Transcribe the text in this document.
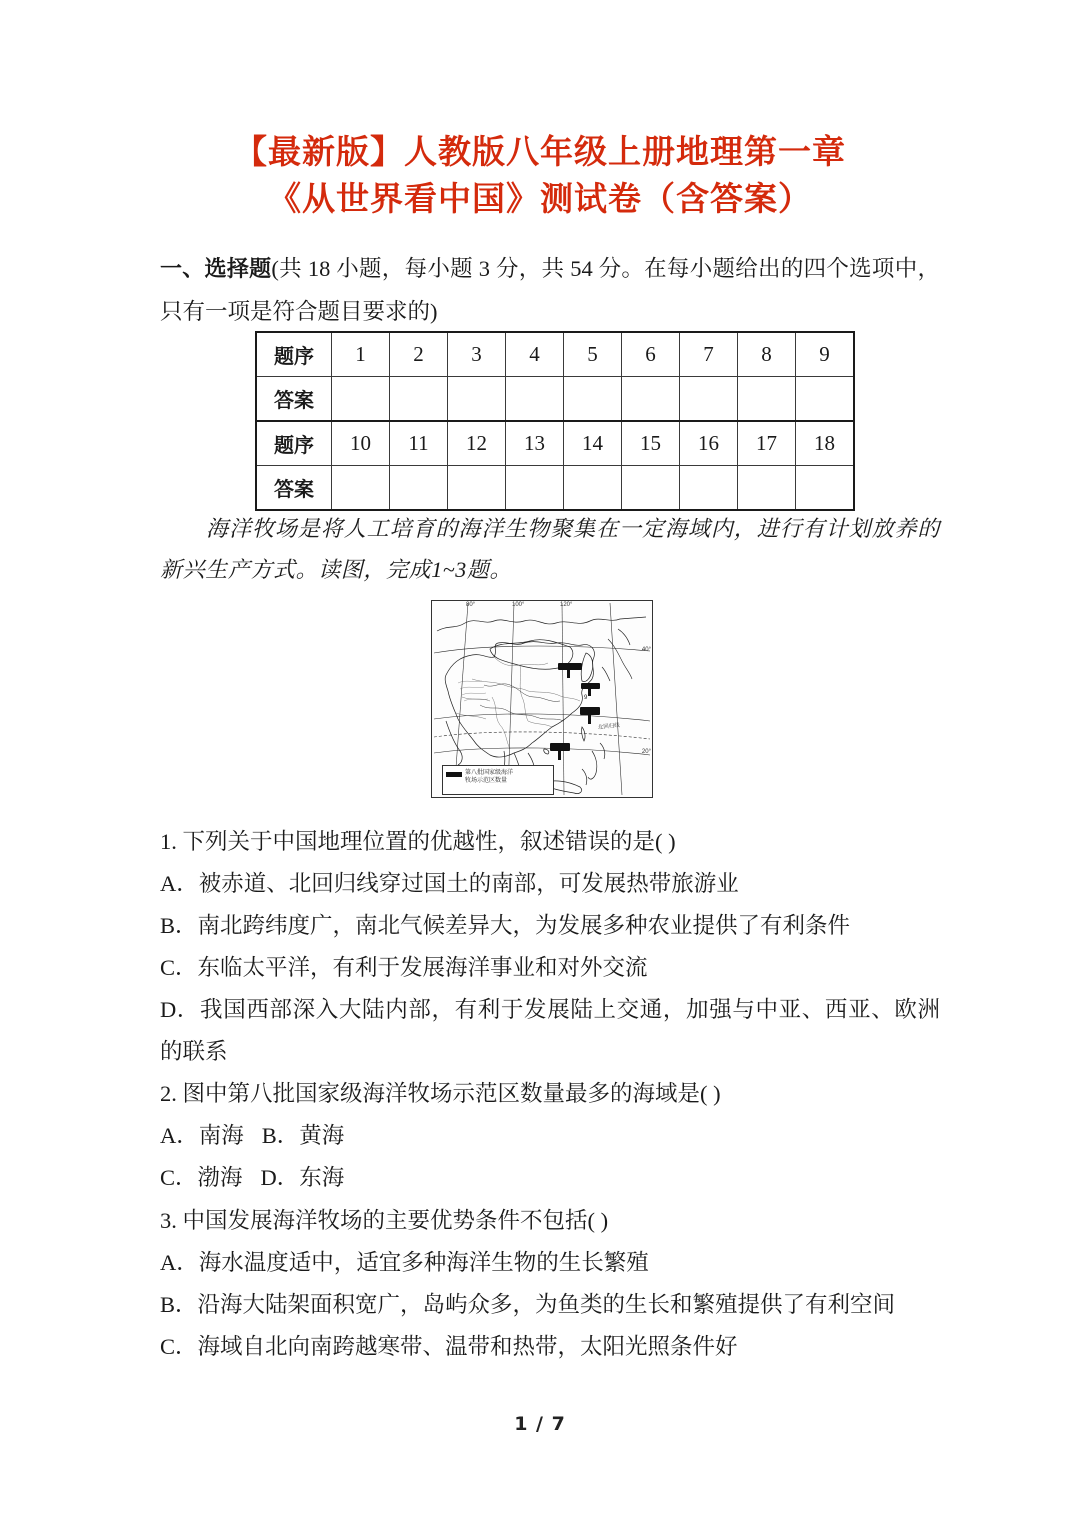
【最新版】人教版八年级上册地理第一章
《从世界看中国》测试卷（含答案）

一、选择题(共 18 小题，每小题 3 分，共 54 分。在每小题给出的四个选项中，只有一项是符合题目要求的)

题序	1	2	3	4	5	6	7	8	9
答案									
题序	10	11	12	13	14	15	16	17	18
答案									

海洋牧场是将人工培育的海洋生物聚集在一定海域内，进行有计划放养的新兴生产方式。读图，完成1~3题。

9
北回归线
80°	100°	120°
40°
20°
第八批国家级海洋
牧场示范区数量

1. 下列关于中国地理位置的优越性，叙述错误的是( )

A．被赤道、北回归线穿过国土的南部，可发展热带旅游业

B．南北跨纬度广，南北气候差异大，为发展多种农业提供了有利条件

C．东临太平洋，有利于发展海洋事业和对外交流

D．我国西部深入大陆内部，有利于发展陆上交通，加强与中亚、西亚、欧洲的联系

2. 图中第八批国家级海洋牧场示范区数量最多的海域是( )

A．南海 B．黄海

C．渤海 D．东海

3. 中国发展海洋牧场的主要优势条件不包括( )

A．海水温度适中，适宜多种海洋生物的生长繁殖

B．沿海大陆架面积宽广，岛屿众多，为鱼类的生长和繁殖提供了有利空间

C．海域自北向南跨越寒带、温带和热带，太阳光照条件好

1 / 7
